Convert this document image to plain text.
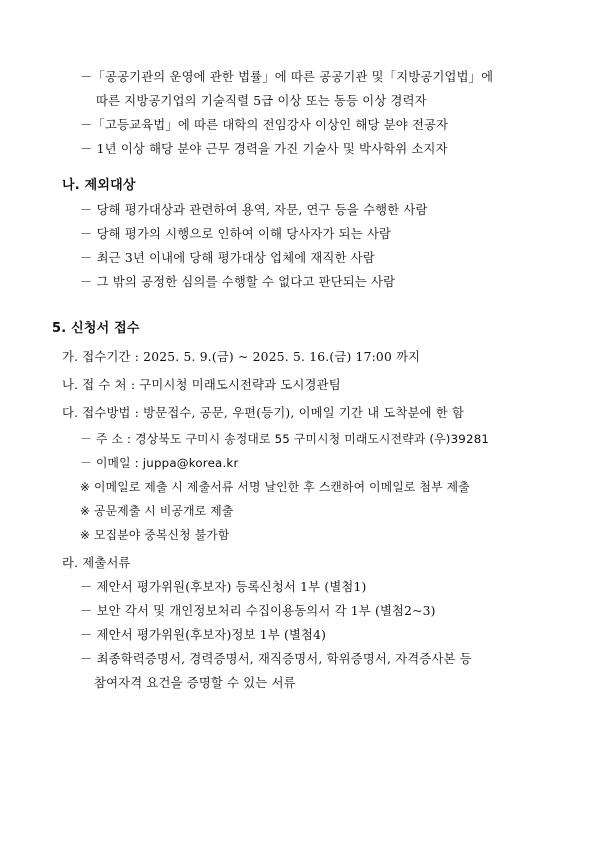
－「공공기관의 운영에 관한 법률」에 따른 공공기관 및「지방공기업법」에
따른 지방공기업의 기술직렬 5급 이상 또는 동등 이상 경력자
－「고등교육법」에 따른 대학의 전임강사 이상인 해당 분야 전공자
－ 1년 이상 해당 분야 근무 경력을 가진 기술사 및 박사학위 소지자
나. 제외대상
－ 당해 평가대상과 관련하여 용역, 자문, 연구 등을 수행한 사람
－ 당해 평가의 시행으로 인하여 이해 당사자가 되는 사람
－ 최근 3년 이내에 당해 평가대상 업체에 재직한 사람
－ 그 밖의 공정한 심의를 수행할 수 없다고 판단되는 사람
5. 신청서 접수
가. 접수기간 : 2025. 5. 9.(금) ~ 2025. 5. 16.(금) 17:00 까지
나. 접 수 처 : 구미시청 미래도시전략과 도시경관팀
다. 접수방법 : 방문접수, 공문, 우편(등기), 이메일 기간 내 도착분에 한 함
－ 주 소 : 경상북도 구미시 송정대로 55 구미시청 미래도시전략과 (우)39281
－ 이메일 : juppa@korea.kr
※ 이메일로 제출 시 제출서류 서명 날인한 후 스캔하여 이메일로 첨부 제출
※ 공문제출 시 비공개로 제출
※ 모집분야 중복신청 불가함
라. 제출서류
－ 제안서 평가위원(후보자) 등록신청서 1부 (별첨1)
－ 보안 각서 및 개인정보처리 수집이용동의서 각 1부 (별첨2~3)
－ 제안서 평가위원(후보자)정보 1부 (별첨4)
－ 최종학력증명서, 경력증명서, 재직증명서, 학위증명서, 자격증사본 등
참여자격 요건을 증명할 수 있는 서류
